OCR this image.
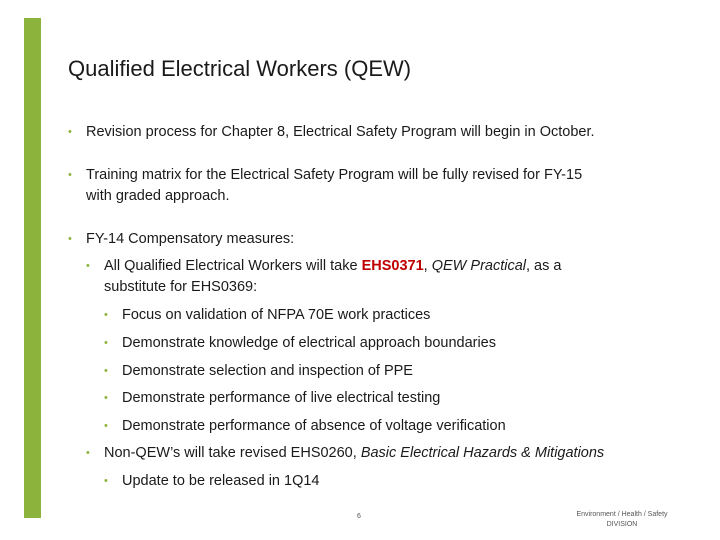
Qualified Electrical Workers (QEW)
• Revision process for Chapter 8, Electrical Safety Program will begin in October.
• Training matrix for the Electrical Safety Program will be fully revised for FY-15
with graded approach.
• FY-14 Compensatory measures:
• All Qualified Electrical Workers will take EHS0371, QEW Practical, as a
substitute for EHS0369:
• Focus on validation of NFPA 70E work practices
• Demonstrate knowledge of electrical approach boundaries
• Demonstrate selection and inspection of PPE
• Demonstrate performance of live electrical testing
• Demonstrate performance of absence of voltage verification
• Non-QEW’s will take revised EHS0260, Basic Electrical Hazards & Mitigations
• Update to be released in 1Q14
6	Environment / Health / Safety
DIVISION
